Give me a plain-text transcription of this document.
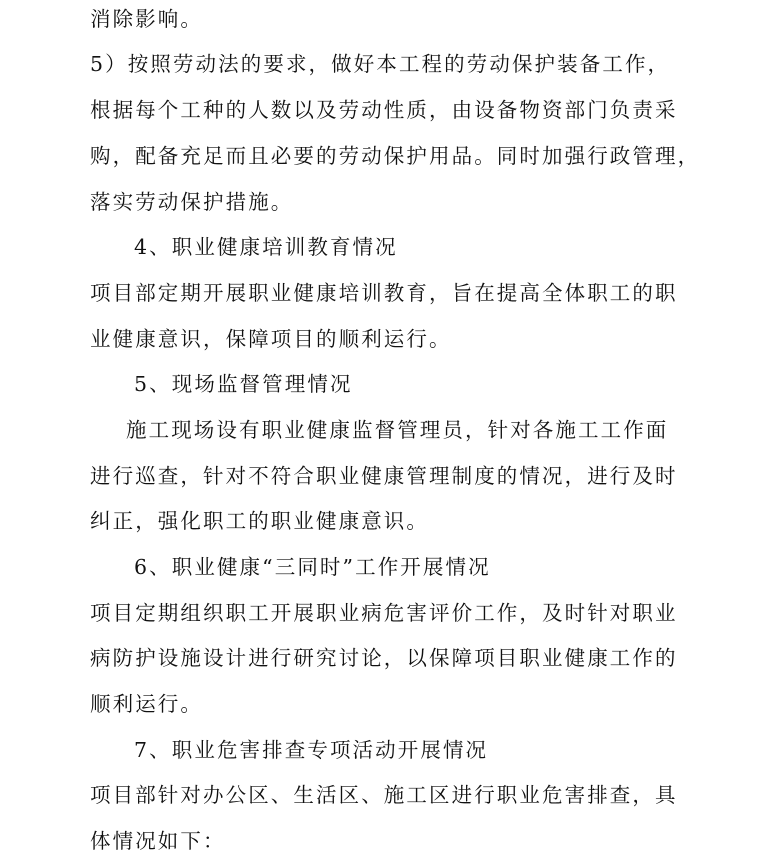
消除影响。
5）按照劳动法的要求，做好本工程的劳动保护装备工作，
根据每个工种的人数以及劳动性质，由设备物资部门负责采
购，配备充足而且必要的劳动保护用品。同时加强行政管理，
落实劳动保护措施。
4、职业健康培训教育情况
项目部定期开展职业健康培训教育，旨在提高全体职工的职
业健康意识，保障项目的顺利运行。
5、现场监督管理情况
施工现场设有职业健康监督管理员，针对各施工工作面
进行巡查，针对不符合职业健康管理制度的情况，进行及时
纠正，强化职工的职业健康意识。
6、职业健康“三同时”工作开展情况
项目定期组织职工开展职业病危害评价工作，及时针对职业
病防护设施设计进行研究讨论，以保障项目职业健康工作的
顺利运行。
7、职业危害排查专项活动开展情况
项目部针对办公区、生活区、施工区进行职业危害排查，具
体情况如下：
